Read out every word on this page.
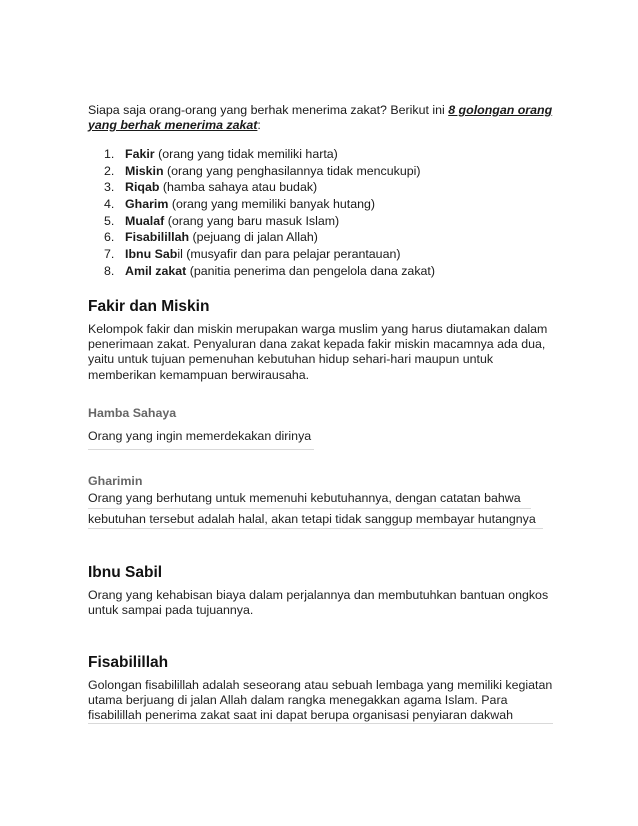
Siapa saja orang-orang yang berhak menerima zakat? Berikut ini 8 golongan orang yang berhak menerima zakat:

1. Fakir (orang yang tidak memiliki harta)
2. Miskin (orang yang penghasilannya tidak mencukupi)
3. Riqab (hamba sahaya atau budak)
4. Gharim (orang yang memiliki banyak hutang)
5. Mualaf (orang yang baru masuk Islam)
6. Fisabilillah (pejuang di jalan Allah)
7. Ibnu Sabil (musyafir dan para pelajar perantauan)
8. Amil zakat (panitia penerima dan pengelola dana zakat)
Fakir dan Miskin
Kelompok fakir dan miskin merupakan warga muslim yang harus diutamakan dalam penerimaan zakat. Penyaluran dana zakat kepada fakir miskin macamnya ada dua, yaitu untuk tujuan pemenuhan kebutuhan hidup sehari-hari maupun untuk memberikan kemampuan berwirausaha.
Hamba Sahaya
Orang yang ingin memerdekakan dirinya
Gharimin
Orang yang berhutang untuk memenuhi kebutuhannya, dengan catatan bahwa kebutuhan tersebut adalah halal, akan tetapi tidak sanggup membayar hutangnya
Ibnu Sabil
Orang yang kehabisan biaya dalam perjalannya dan membutuhkan bantuan ongkos untuk sampai pada tujuannya.
Fisabilillah
Golongan fisabilillah adalah seseorang atau sebuah lembaga yang memiliki kegiatan utama berjuang di jalan Allah dalam rangka menegakkan agama Islam. Para fisabilillah penerima zakat saat ini dapat berupa organisasi penyiaran dakwah
